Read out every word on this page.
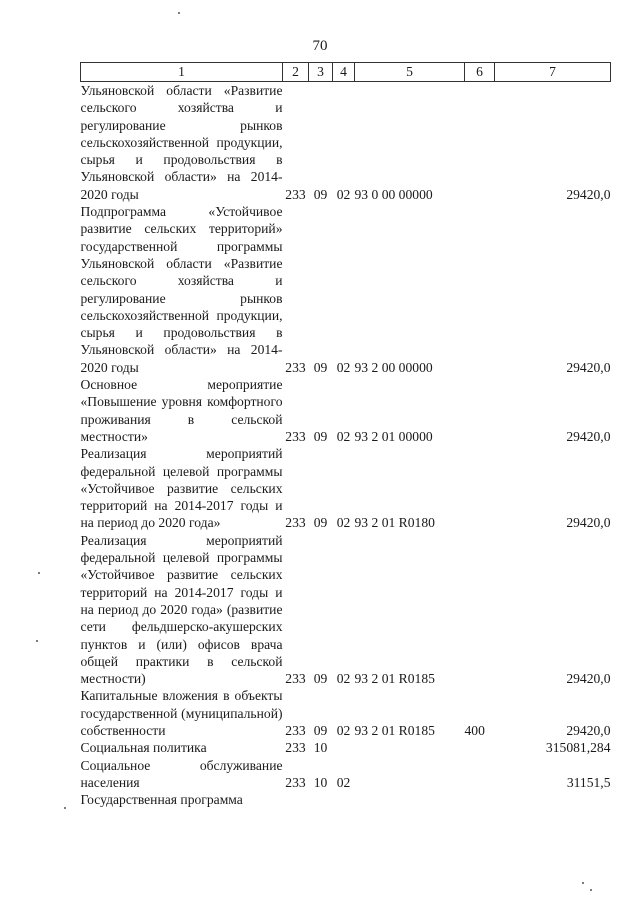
70
1	2	3	4	5	6	7
Ульяновской области «Развитие сельского хозяйства и регулирование рынков сельскохозяйственной продукции, сырья и продовольствия в Ульяновской области» на 2014-2020 годы	233	09	02	93 0 00 00000		29420,0
Подпрограмма «Устойчивое развитие сельских территорий» государственной программы Ульяновской области «Развитие сельского хозяйства и регулирование рынков сельскохозяйственной продукции, сырья и продовольствия в Ульяновской области» на 2014-2020 годы	233	09	02	93 2 00 00000		29420,0
Основное мероприятие «Повышение уровня комфортного проживания в сельской местности»	233	09	02	93 2 01 00000		29420,0
Реализация мероприятий федеральной целевой программы «Устойчивое развитие сельских территорий на 2014-2017 годы и на период до 2020 года»	233	09	02	93 2 01 R0180		29420,0
Реализация мероприятий федеральной целевой программы «Устойчивое развитие сельских территорий на 2014-2017 годы и на период до 2020 года» (развитие сети фельдшерско-акушерских пунктов и (или) офисов врача общей практики в сельской местности)	233	09	02	93 2 01 R0185		29420,0
Капитальные вложения в объекты государственной (муниципальной) собственности	233	09	02	93 2 01 R0185	400	29420,0
Социальная политика	233	10				315081,284
Социальное обслуживание населения	233	10	02			31151,5
Государственная программа						
